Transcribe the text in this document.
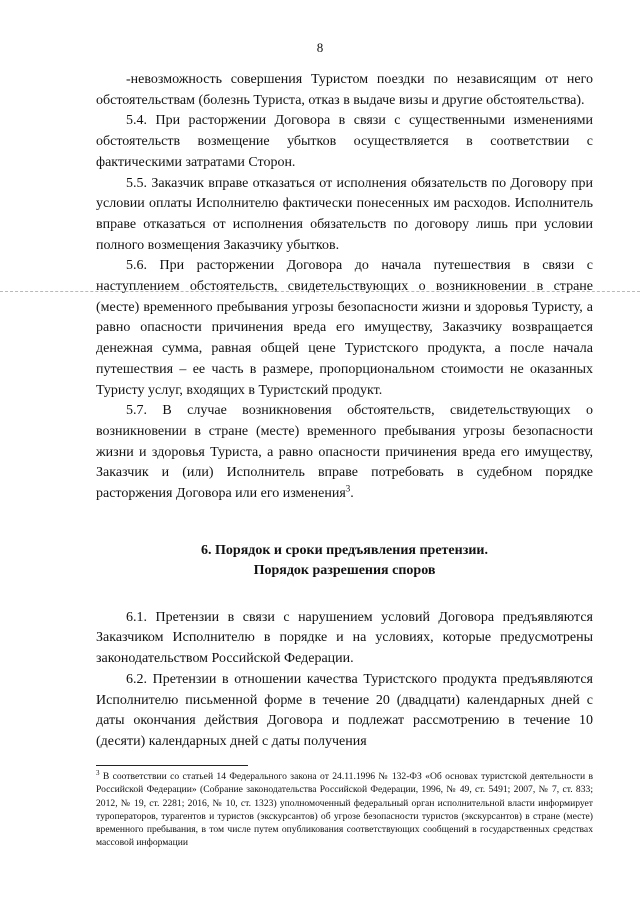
8

-невозможность совершения Туристом поездки по независящим от него обстоятельствам (болезнь Туриста, отказ в выдаче визы и другие обстоятельства).

5.4. При расторжении Договора в связи с существенными изменениями обстоятельств возмещение убытков осуществляется в соответствии с фактическими затратами Сторон.

5.5. Заказчик вправе отказаться от исполнения обязательств по Договору при условии оплаты Исполнителю фактически понесенных им расходов. Исполнитель вправе отказаться от исполнения обязательств по договору лишь при условии полного возмещения Заказчику убытков.

5.6. При расторжении Договора до начала путешествия в связи с наступлением обстоятельств, свидетельствующих о возникновении в стране (месте) временного пребывания угрозы безопасности жизни и здоровья Туристу, а равно опасности причинения вреда его имуществу, Заказчику возвращается денежная сумма, равная общей цене Туристского продукта, а после начала путешествия – ее часть в размере, пропорциональном стоимости не оказанных Туристу услуг, входящих в Туристский продукт.

5.7. В случае возникновения обстоятельств, свидетельствующих о возникновении в стране (месте) временного пребывания угрозы безопасности жизни и здоровья Туриста, а равно опасности причинения вреда его имуществу, Заказчик и (или) Исполнитель вправе потребовать в судебном порядке расторжения Договора или его изменения$^3$.

6. Порядок и сроки предъявления претензии.
Порядок разрешения споров

6.1. Претензии в связи с нарушением условий Договора предъявляются Заказчиком Исполнителю в порядке и на условиях, которые предусмотрены законодательством Российской Федерации.

6.2. Претензии в отношении качества Туристского продукта предъявляются Исполнителю письменной форме в течение 20 (двадцати) календарных дней с даты окончания действия Договора и подлежат рассмотрению в течение 10 (десяти) календарных дней с даты получения

$^3$ В соответствии со статьей 14 Федерального закона от 24.11.1996 № 132-ФЗ «Об основах туристской деятельности в Российской Федерации» (Собрание законодательства Российской Федерации, 1996, № 49, ст. 5491; 2007, № 7, ст. 833; 2012, № 19, ст. 2281; 2016, № 10, ст. 1323) уполномоченный федеральный орган исполнительной власти информирует туроператоров, турагентов и туристов (экскурсантов) об угрозе безопасности туристов (экскурсантов) в стране (месте) временного пребывания, в том числе путем опубликования соответствующих сообщений в государственных средствах массовой информации
